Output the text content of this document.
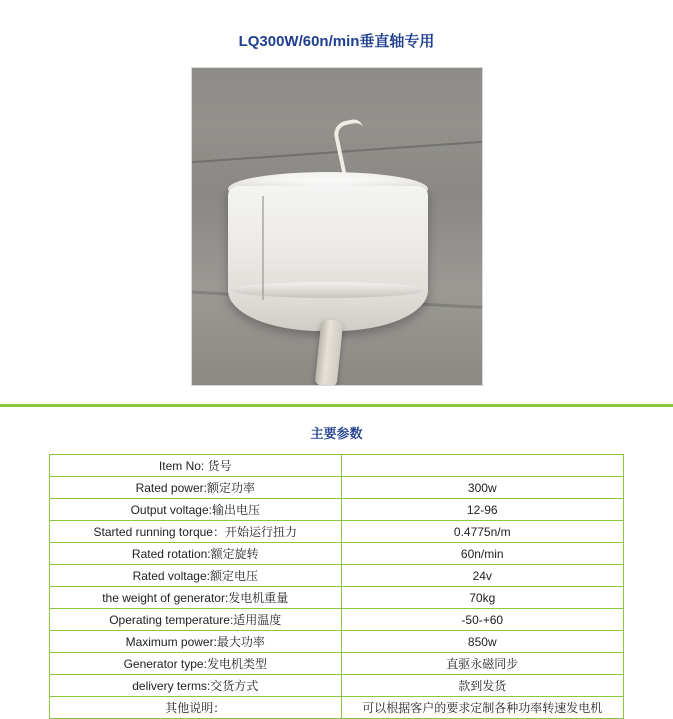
LQ300W/60n/min垂直轴专用
主要参数
Item No: 货号	
Rated power:额定功率	300w
Output voltage:输出电压	12-96
Started running torque：开始运行扭力	0.4775n/m
Rated rotation:额定旋转	60n/min
Rated voltage:额定电压	24v
the weight of generator:发电机重量	70kg
Operating temperature:适用温度	-50-+60
Maximum power:最大功率	850w
Generator type:发电机类型	直驱永磁同步
delivery terms:交货方式	款到发货
其他说明：	可以根据客户的要求定制各种功率转速发电机
